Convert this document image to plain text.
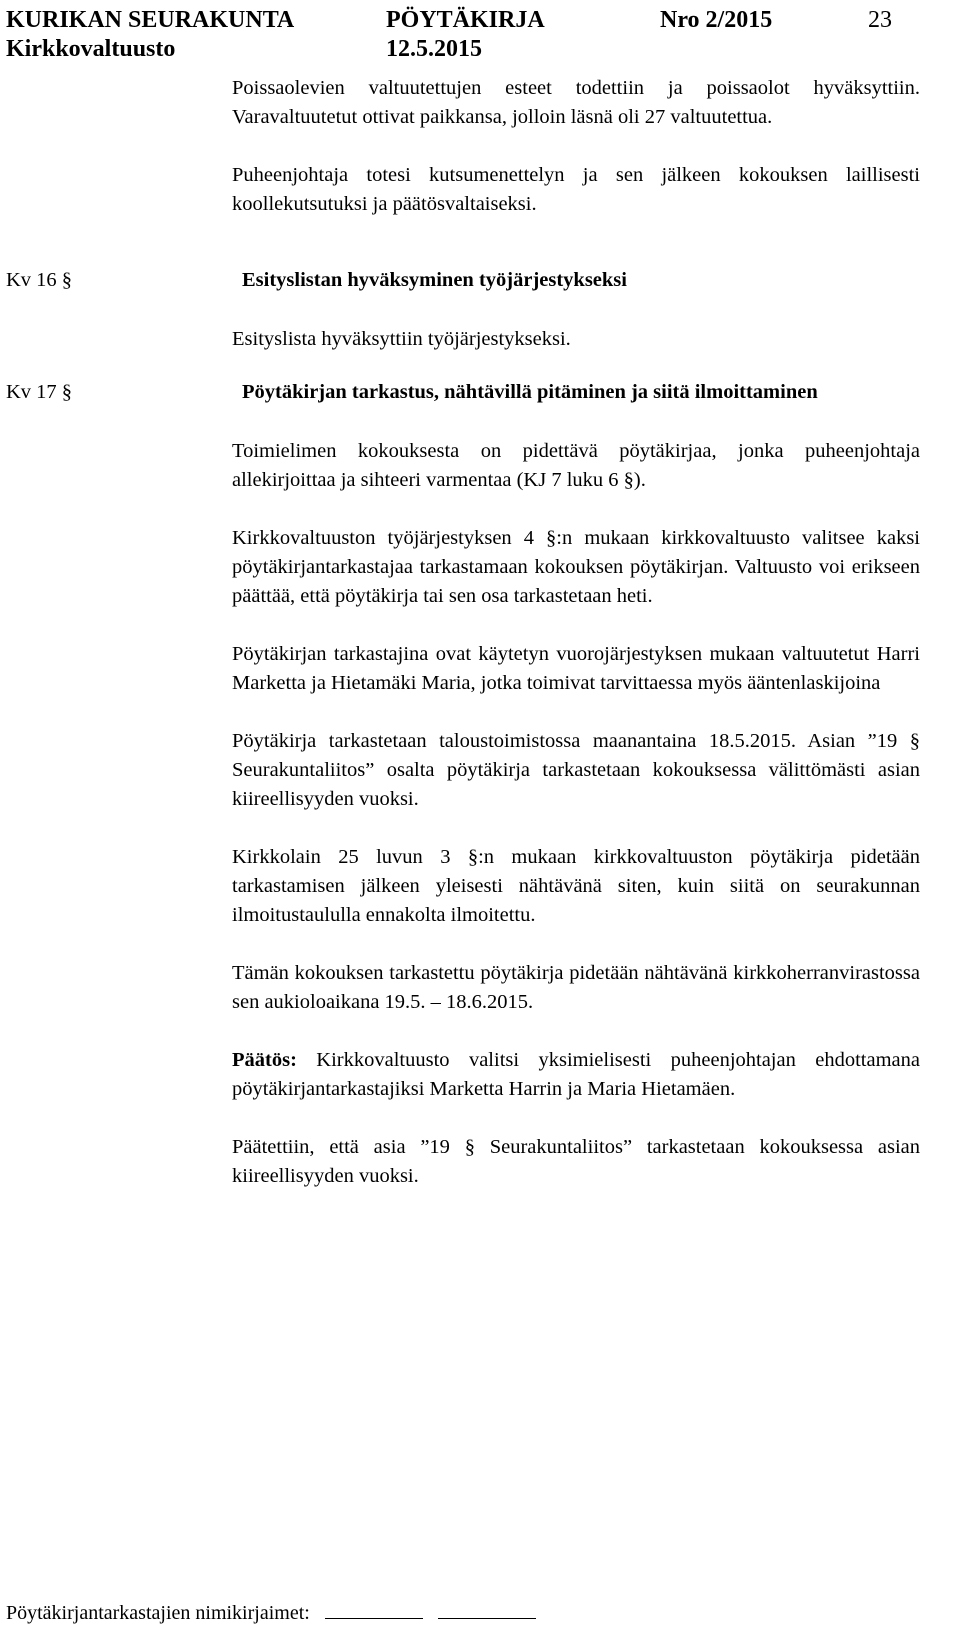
KURIKAN SEURAKUNTA	PÖYTÄKIRJA	Nro 2/2015	23
Kirkkovaltuusto	12.5.2015

Poissaolevien valtuutettujen esteet todettiin ja poissaolot hyväksyttiin. Varavaltuutetut ottivat paikkansa, jolloin läsnä oli 27 valtuutettua.

Puheenjohtaja totesi kutsumenettelyn ja sen jälkeen kokouksen laillisesti koollekutsutuksi ja päätösvaltaiseksi.

Kv 16 §	Esityslistan hyväksyminen työjärjestykseksi

Esityslista hyväksyttiin työjärjestykseksi.

Kv 17 §	Pöytäkirjan tarkastus, nähtävillä pitäminen ja siitä ilmoittaminen

Toimielimen kokouksesta on pidettävä pöytäkirjaa, jonka puheenjohtaja allekirjoittaa ja sihteeri varmentaa (KJ 7 luku 6 §).

Kirkkovaltuuston työjärjestyksen 4 §:n mukaan kirkkovaltuusto valitsee kaksi pöytäkirjantarkastajaa tarkastamaan kokouksen pöytäkirjan. Valtuusto voi erikseen päättää, että pöytäkirja tai sen osa tarkastetaan heti.

Pöytäkirjan tarkastajina ovat käytetyn vuorojärjestyksen mukaan valtuutetut Harri Marketta ja Hietamäki Maria, jotka toimivat tarvittaessa myös ääntenlaskijoina

Pöytäkirja tarkastetaan taloustoimistossa maanantaina 18.5.2015. Asian ”19 § Seurakuntaliitos” osalta pöytäkirja tarkastetaan kokouksessa välittömästi asian kiireellisyyden vuoksi.

Kirkkolain 25 luvun 3 §:n mukaan kirkkovaltuuston pöytäkirja pidetään tarkastamisen jälkeen yleisesti nähtävänä siten, kuin siitä on seurakunnan ilmoitustaululla ennakolta ilmoitettu.

Tämän kokouksen tarkastettu pöytäkirja pidetään nähtävänä kirkkoherranvirastossa sen aukioloaikana 19.5. – 18.6.2015.

Päätös: Kirkkovaltuusto valitsi yksimielisesti puheenjohtajan ehdottamana pöytäkirjantarkastajiksi Marketta Harrin ja Maria Hietamäen.

Päätettiin, että asia ”19 § Seurakuntaliitos” tarkastetaan kokouksessa asian kiireellisyyden vuoksi.

Pöytäkirjantarkastajien nimikirjaimet:
